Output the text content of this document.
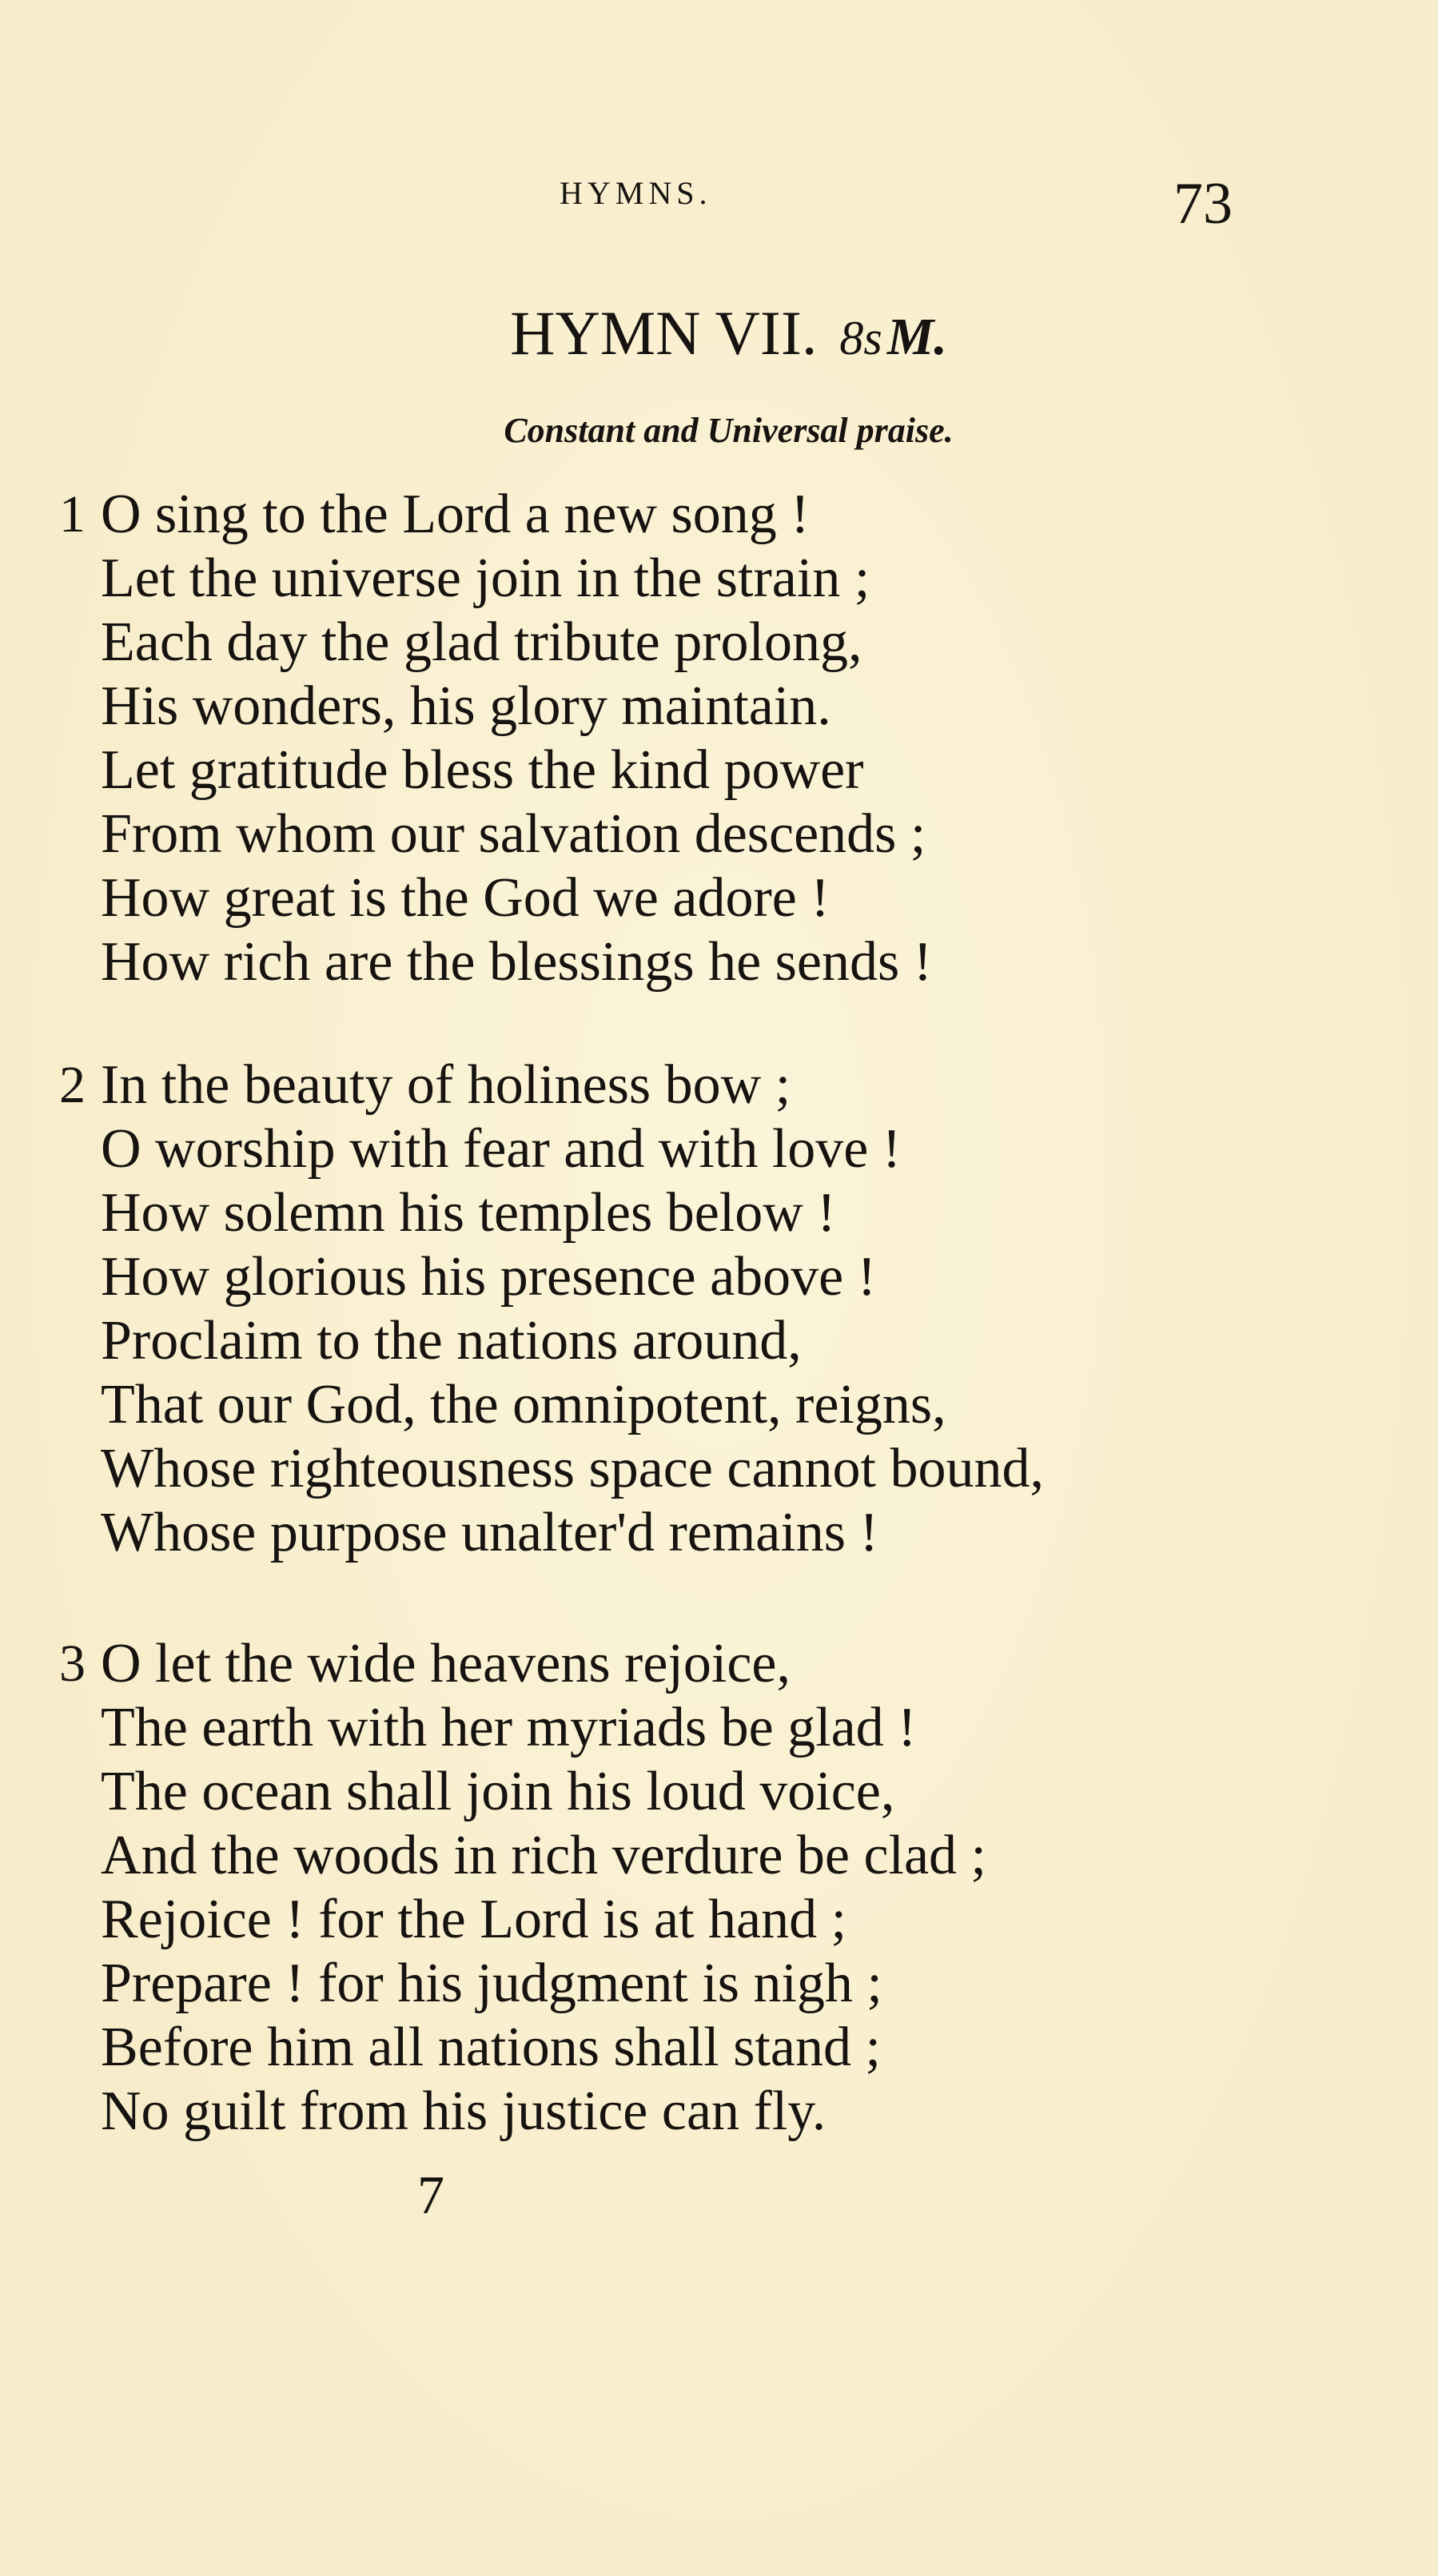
HYMNS.	73
HYMN VII. 8sM.
Constant and Universal praise.
1 O sing to the Lord a new song !
Let the universe join in the strain ;
Each day the glad tribute prolong,
His wonders, his glory maintain.
Let gratitude bless the kind power
From whom our salvation descends ;
How great is the God we adore !
How rich are the blessings he sends !
2 In the beauty of holiness bow ;
O worship with fear and with love !
How solemn his temples below !
How glorious his presence above !
Proclaim to the nations around,
That our God, the omnipotent, reigns,
Whose righteousness space cannot bound,
Whose purpose unalter'd remains !
3 O let the wide heavens rejoice,
The earth with her myriads be glad !
The ocean shall join his loud voice,
And the woods in rich verdure be clad ;
Rejoice ! for the Lord is at hand ;
Prepare ! for his judgment is nigh ;
Before him all nations shall stand ;
No guilt from his justice can fly.
7
